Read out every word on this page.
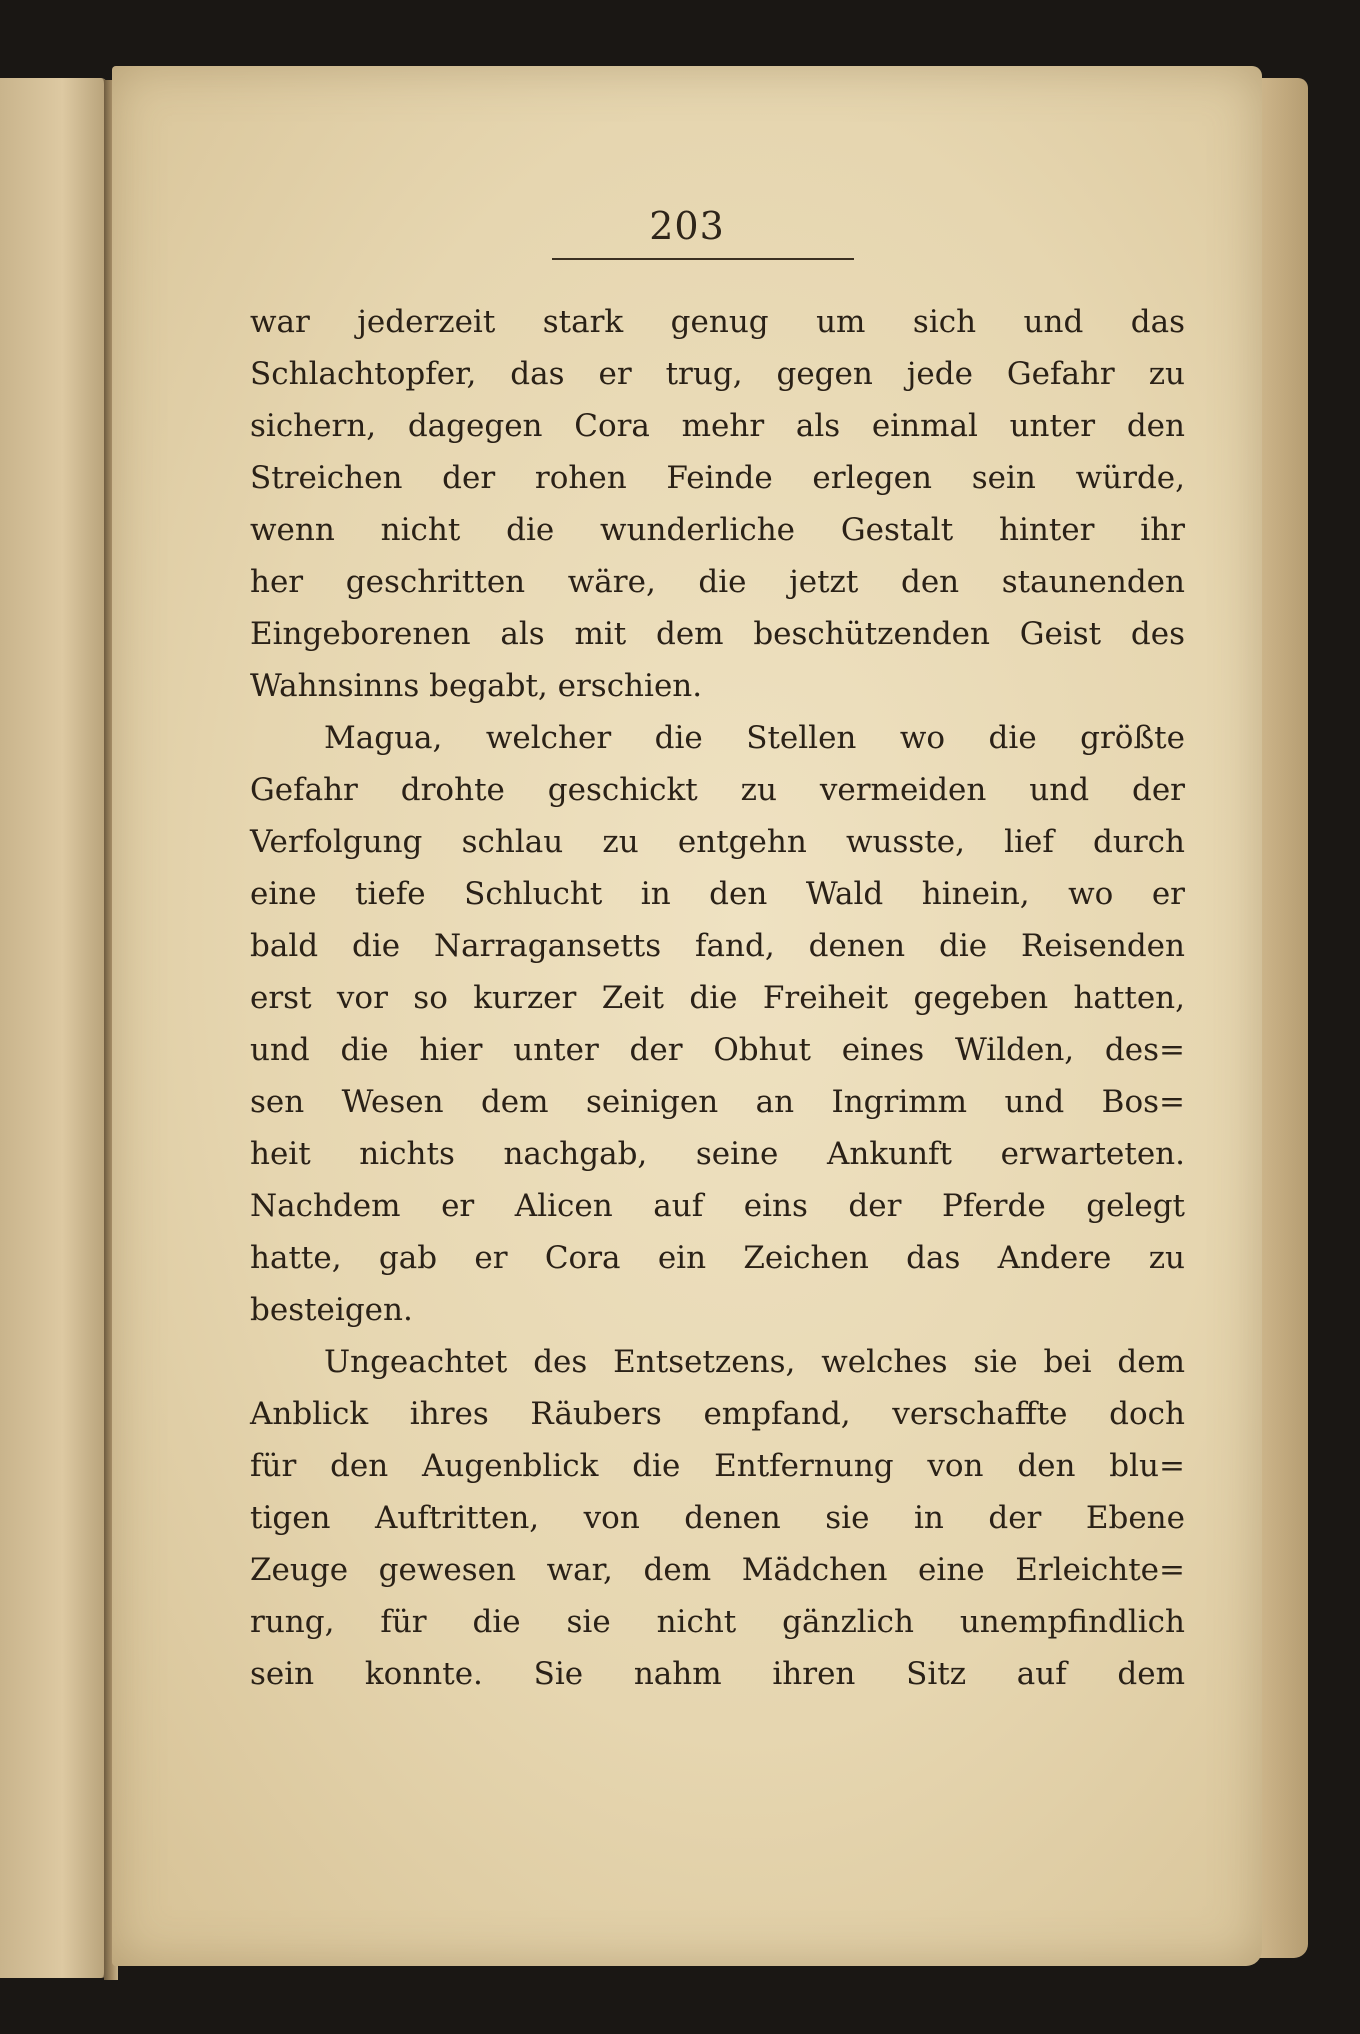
203
war jederzeit stark genug um sich und das
Schlachtopfer, das er trug, gegen jede Gefahr zu
sichern, dagegen Cora mehr als einmal unter den
Streichen der rohen Feinde erlegen sein würde,
wenn nicht die wunderliche Gestalt hinter ihr
her geschritten wäre, die jetzt den staunenden
Eingeborenen als mit dem beschützenden Geist des
Wahnsinns begabt, erschien.
Magua, welcher die Stellen wo die größte
Gefahr drohte geschickt zu vermeiden und der
Verfolgung schlau zu entgehn wusste, lief durch
eine tiefe Schlucht in den Wald hinein, wo er
bald die Narragansetts fand, denen die Reisenden
erst vor so kurzer Zeit die Freiheit gegeben hatten,
und die hier unter der Obhut eines Wilden, des=
sen Wesen dem seinigen an Ingrimm und Bos=
heit nichts nachgab, seine Ankunft erwarteten.
Nachdem er Alicen auf eins der Pferde gelegt
hatte, gab er Cora ein Zeichen das Andere zu
besteigen.
Ungeachtet des Entsetzens, welches sie bei dem
Anblick ihres Räubers empfand, verschaffte doch
für den Augenblick die Entfernung von den blu=
tigen Auftritten, von denen sie in der Ebene
Zeuge gewesen war, dem Mädchen eine Erleichte=
rung, für die sie nicht gänzlich unempfindlich
sein konnte. Sie nahm ihren Sitz auf dem
